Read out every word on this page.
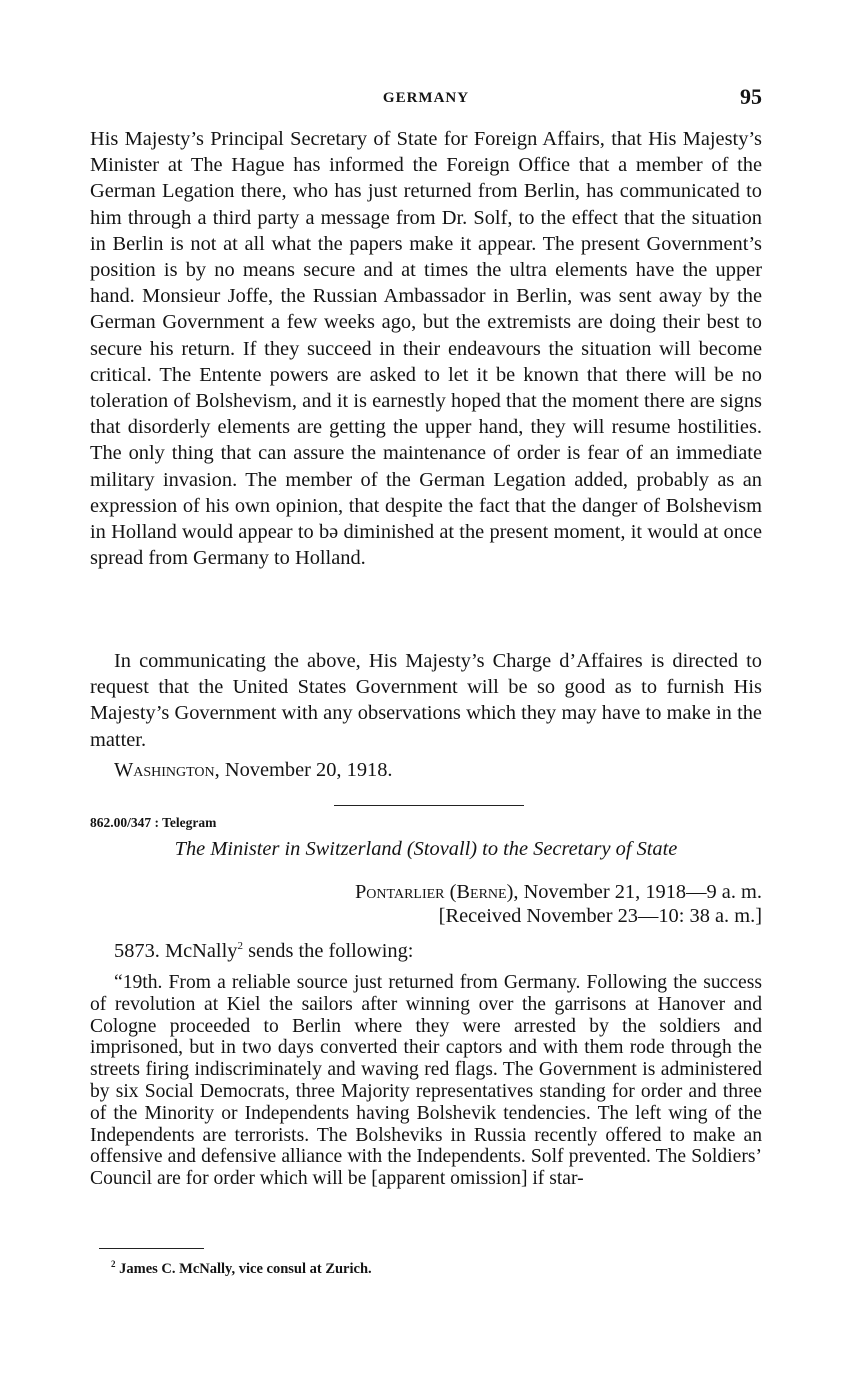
GERMANY	95

His Majesty’s Principal Secretary of State for Foreign Affairs, that His Majesty’s Minister at The Hague has informed the Foreign Office that a member of the German Legation there, who has just returned from Berlin, has communicated to him through a third party a message from Dr. Solf, to the effect that the situation in Berlin is not at all what the papers make it appear. The present Government’s position is by no means secure and at times the ultra elements have the upper hand. Monsieur Joffe, the Russian Ambassador in Berlin, was sent away by the German Government a few weeks ago, but the extremists are doing their best to secure his return. If they succeed in their endeavours the situation will become critical. The Entente powers are asked to let it be known that there will be no toleration of Bolshevism, and it is earnestly hoped that the moment there are signs that disorderly elements are getting the upper hand, they will resume hostilities. The only thing that can assure the maintenance of order is fear of an immediate military invasion. The member of the German Legation added, probably as an expression of his own opinion, that despite the fact that the danger of Bolshevism in Holland would appear to bә diminished at the present moment, it would at once spread from Germany to Holland.

In communicating the above, His Majesty’s Charge d’Affaires is directed to request that the United States Government will be so good as to furnish His Majesty’s Government with any observations which they may have to make in the matter.

Washington, November 20, 1918.
862.00/347 : Telegram
The Minister in Switzerland (Stovall) to the Secretary of State
Pontarlier (Berne), November 21, 1918—9 a. m.
[Received November 23—10: 38 a. m.]
5873. McNally$^2$ sends the following:

“19th. From a reliable source just returned from Germany. Following the success of revolution at Kiel the sailors after winning over the garrisons at Hanover and Cologne proceeded to Berlin where they were arrested by the soldiers and imprisoned, but in two days converted their captors and with them rode through the streets firing indiscriminately and waving red flags. The Government is administered by six Social Democrats, three Majority representatives standing for order and three of the Minority or Independents having Bolshevik tendencies. The left wing of the Independents are terrorists. The Bolsheviks in Russia recently offered to make an offensive and defensive alliance with the Independents. Solf prevented. The Soldiers’ Council are for order which will be [apparent omission] if star-

$^2$ James C. McNally, vice consul at Zurich.
